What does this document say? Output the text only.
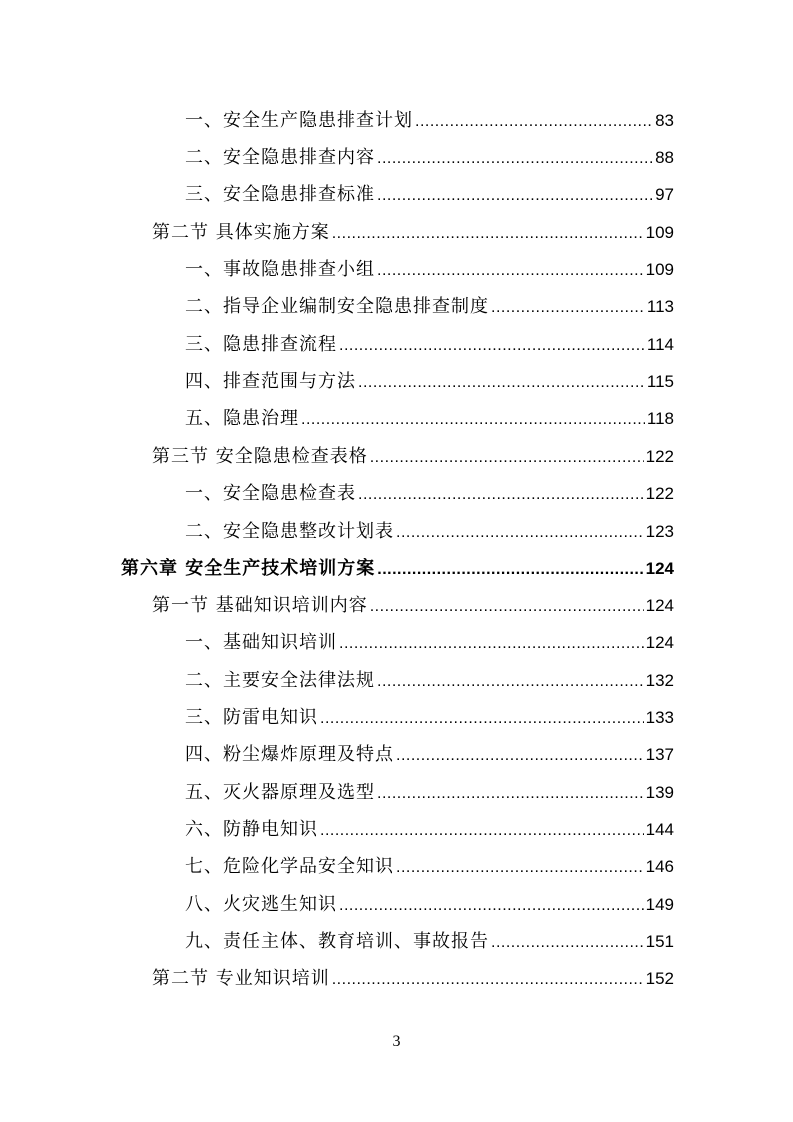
一、安全生产隐患排查计划 .....	83
二、安全隐患排查内容 .....	88
三、安全隐患排查标准 .....	97
第二节 具体实施方案 .....	109
一、事故隐患排查小组 .....	109
二、指导企业编制安全隐患排查制度 .....	113
三、隐患排查流程 .....	114
四、排查范围与方法 .....	115
五、隐患治理 .....	118
第三节 安全隐患检查表格 .....	122
一、安全隐患检查表 .....	122
二、安全隐患整改计划表 .....	123
第六章 安全生产技术培训方案 .....	124
第一节 基础知识培训内容 .....	124
一、基础知识培训 .....	124
二、主要安全法律法规 .....	132
三、防雷电知识 .....	133
四、粉尘爆炸原理及特点 .....	137
五、灭火器原理及选型 .....	139
六、防静电知识 .....	144
七、危险化学品安全知识 .....	146
八、火灾逃生知识 .....	149
九、责任主体、教育培训、事故报告 .....	151
第二节 专业知识培训 .....	152
3
